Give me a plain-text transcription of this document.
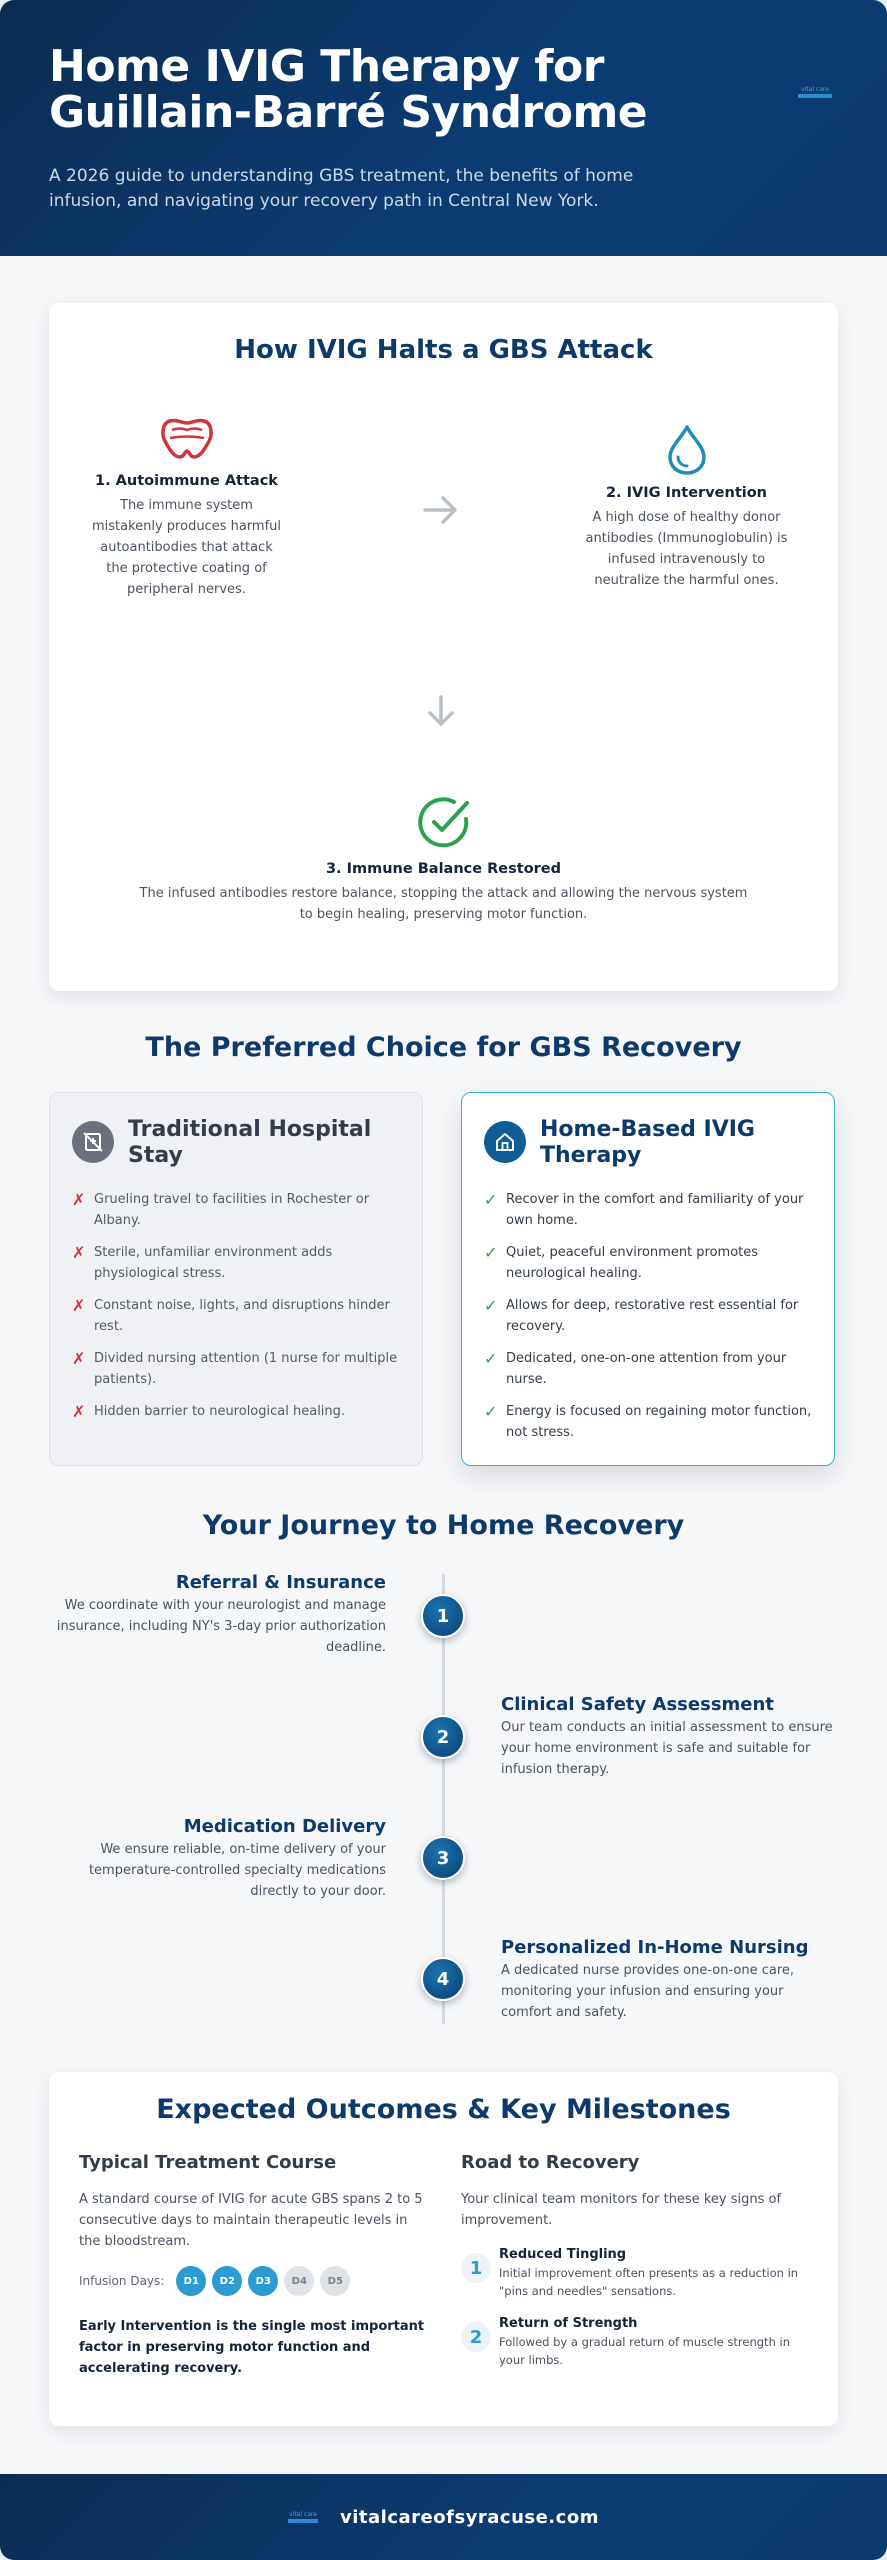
Home IVIG Therapy for Guillain-Barré Syndrome

A 2026 guide to understanding GBS treatment, the benefits of home infusion, and navigating your recovery path in Central New York.

vital care
How IVIG Halts a GBS Attack
1. Autoimmune Attack

The immune system mistakenly produces harmful autoantibodies that attack the protective coating of peripheral nerves.

2. IVIG Intervention

A high dose of healthy donor antibodies (Immunoglobulin) is infused intravenously to neutralize the harmful ones.

3. Immune Balance Restored

The infused antibodies restore balance, stopping the attack and allowing the nervous system to begin healing, preserving motor function.

The Preferred Choice for GBS Recovery
Traditional Hospital Stay
✗ Grueling travel to facilities in Rochester or Albany.
✗ Sterile, unfamiliar environment adds physiological stress.
✗ Constant noise, lights, and disruptions hinder rest.
✗ Divided nursing attention (1 nurse for multiple patients).
✗ Hidden barrier to neurological healing.
Home-Based IVIG Therapy
✓ Recover in the comfort and familiarity of your own home.
✓ Quiet, peaceful environment promotes neurological healing.
✓ Allows for deep, restorative rest essential for recovery.
✓ Dedicated, one-on-one attention from your nurse.
✓ Energy is focused on regaining motor function, not stress.
Your Journey to Home Recovery
Referral & Insurance

We coordinate with your neurologist and manage insurance, including NY's 3-day prior authorization deadline.

1
Clinical Safety Assessment

Our team conducts an initial assessment to ensure your home environment is safe and suitable for infusion therapy.

2
Medication Delivery

We ensure reliable, on-time delivery of your temperature-controlled specialty medications directly to your door.

3
Personalized In-Home Nursing

A dedicated nurse provides one-on-one care, monitoring your infusion and ensuring your comfort and safety.

4
Expected Outcomes & Key Milestones
Typical Treatment Course

A standard course of IVIG for acute GBS spans 2 to 5 consecutive days to maintain therapeutic levels in the bloodstream.

Infusion Days:	D1	D2	D3	D4	D5

Early Intervention is the single most important factor in preserving motor function and accelerating recovery.

Road to Recovery

Your clinical team monitors for these key signs of improvement.

1
Reduced Tingling

Initial improvement often presents as a reduction in "pins and needles" sensations.

2
Return of Strength

Followed by a gradual return of muscle strength in your limbs.

vital care vitalcareofsyracuse.com
